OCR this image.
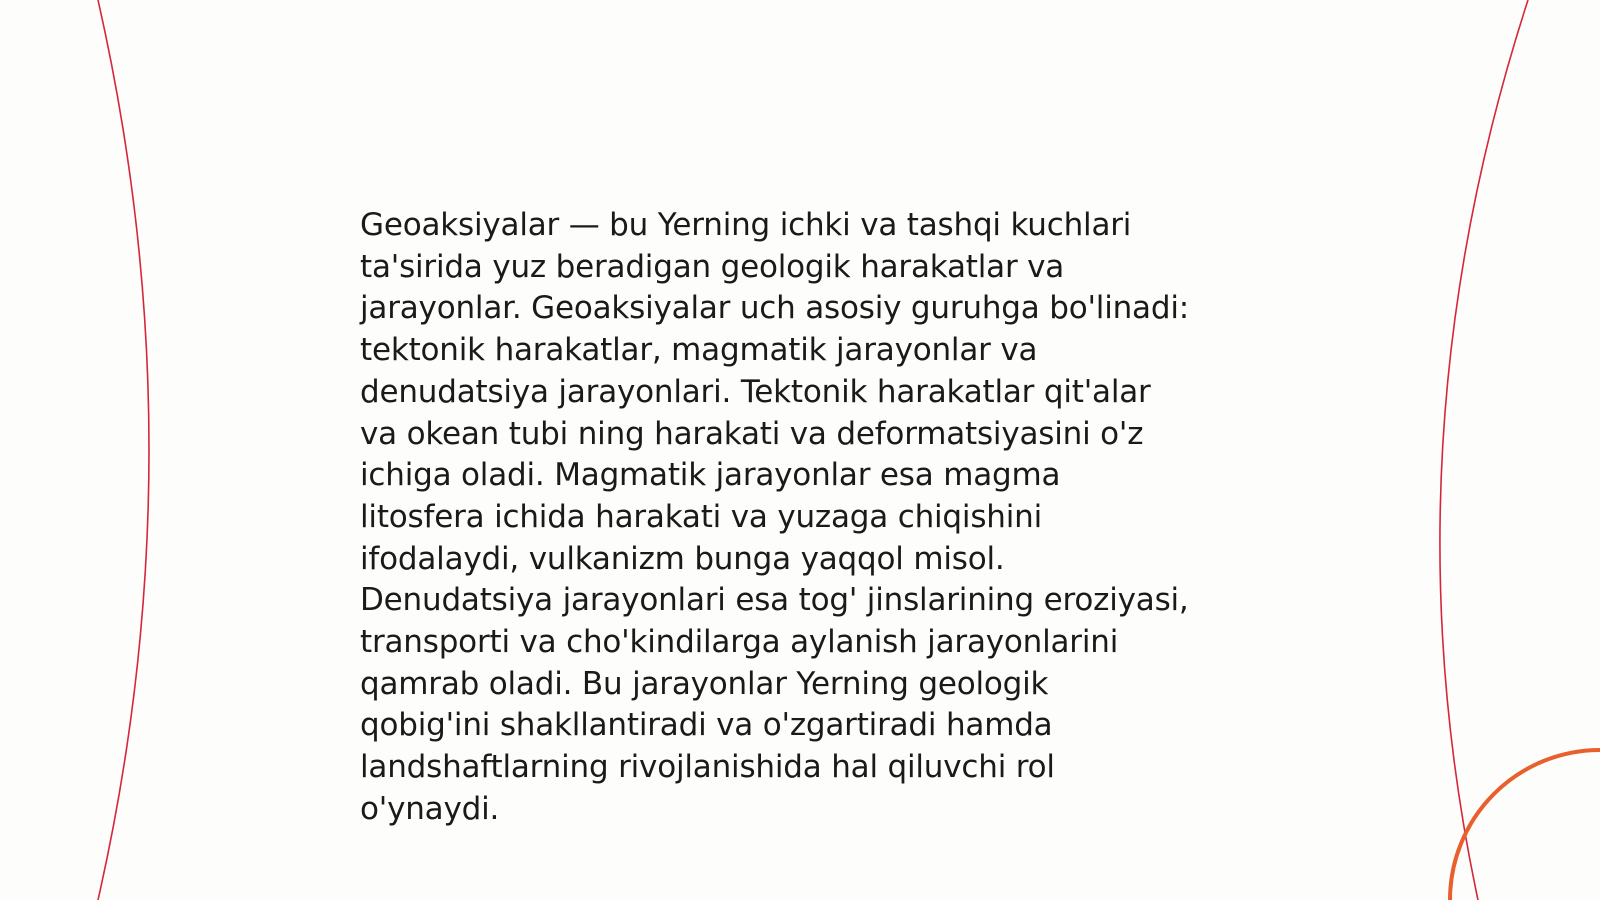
Geoaksiyalar — bu Yerning ichki va tashqi kuchlari
ta'sirida yuz beradigan geologik harakatlar va
jarayonlar. Geoaksiyalar uch asosiy guruhga bo'linadi:
tektonik harakatlar, magmatik jarayonlar va
denudatsiya jarayonlari. Tektonik harakatlar qit'alar
va okean tubi ning harakati va deformatsiyasini o'z
ichiga oladi. Magmatik jarayonlar esa magma
litosfera ichida harakati va yuzaga chiqishini
ifodalaydi, vulkanizm bunga yaqqol misol.
Denudatsiya jarayonlari esa tog' jinslarining eroziyasi,
transporti va cho'kindilarga aylanish jarayonlarini
qamrab oladi. Bu jarayonlar Yerning geologik
qobig'ini shakllantiradi va o'zgartiradi hamda
landshaftlarning rivojlanishida hal qiluvchi rol
o'ynaydi.
